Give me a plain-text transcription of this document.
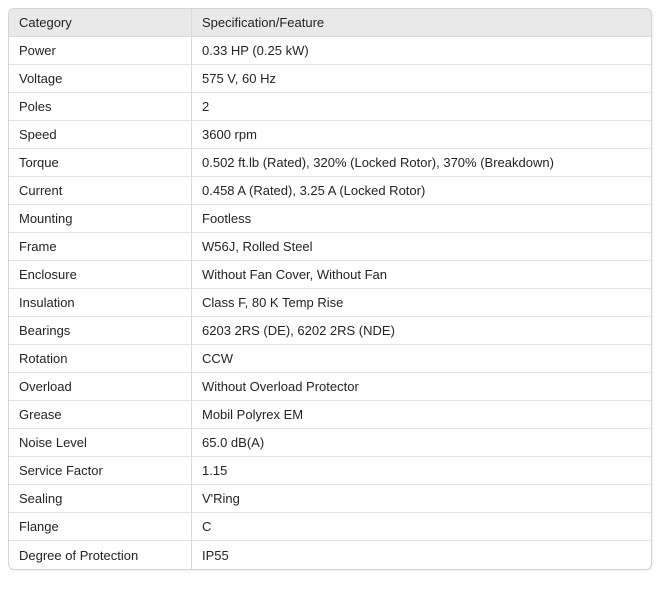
Category	Specification/Feature
Power	0.33 HP (0.25 kW)
Voltage	575 V, 60 Hz
Poles	2
Speed	3600 rpm
Torque	0.502 ft.lb (Rated), 320% (Locked Rotor), 370% (Breakdown)
Current	0.458 A (Rated), 3.25 A (Locked Rotor)
Mounting	Footless
Frame	W56J, Rolled Steel
Enclosure	Without Fan Cover, Without Fan
Insulation	Class F, 80 K Temp Rise
Bearings	6203 2RS (DE), 6202 2RS (NDE)
Rotation	CCW
Overload	Without Overload Protector
Grease	Mobil Polyrex EM
Noise Level	65.0 dB(A)
Service Factor	1.15
Sealing	V'Ring
Flange	C
Degree of Protection	IP55
